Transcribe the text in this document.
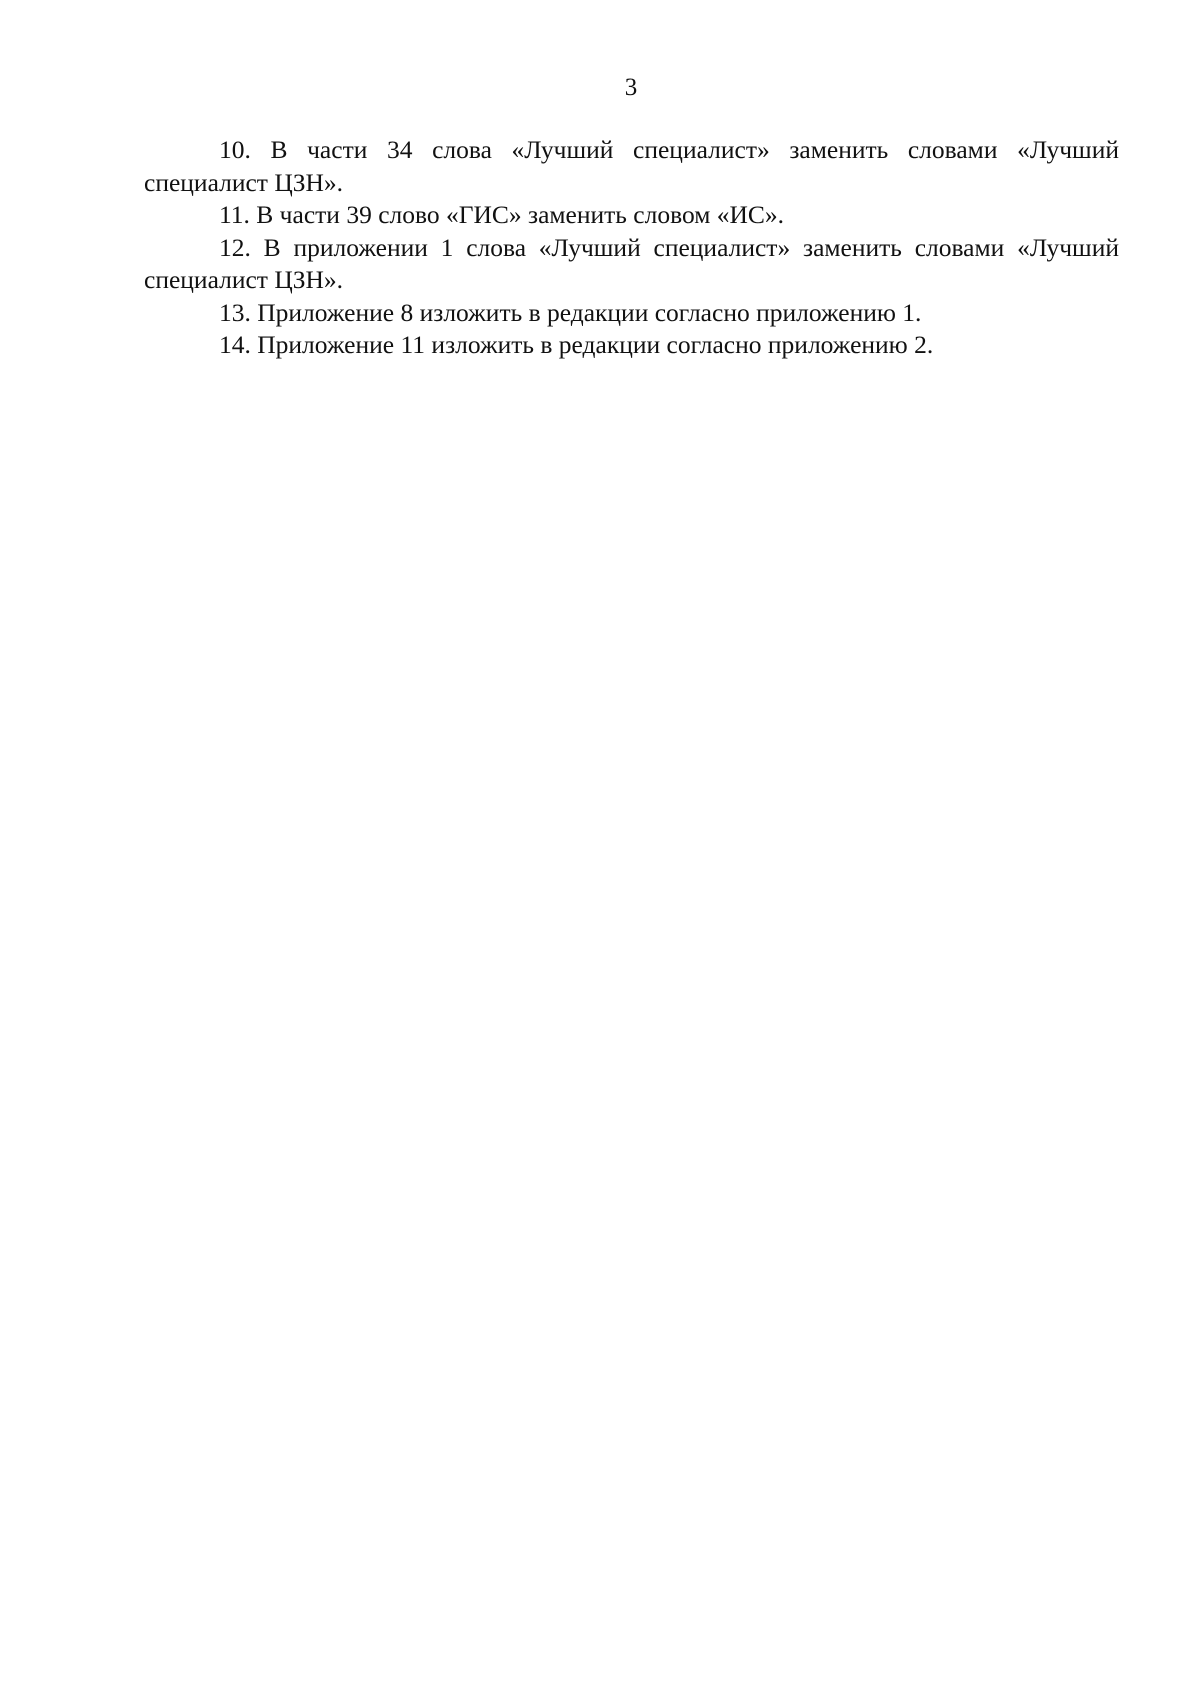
3

10. В части 34 слова «Лучший специалист» заменить словами «Лучший специалист ЦЗН».

11. В части 39 слово «ГИС» заменить словом «ИС».

12. В приложении 1 слова «Лучший специалист» заменить словами «Лучший специалист ЦЗН».

13. Приложение 8 изложить в редакции согласно приложению 1.

14. Приложение 11 изложить в редакции согласно приложению 2.
